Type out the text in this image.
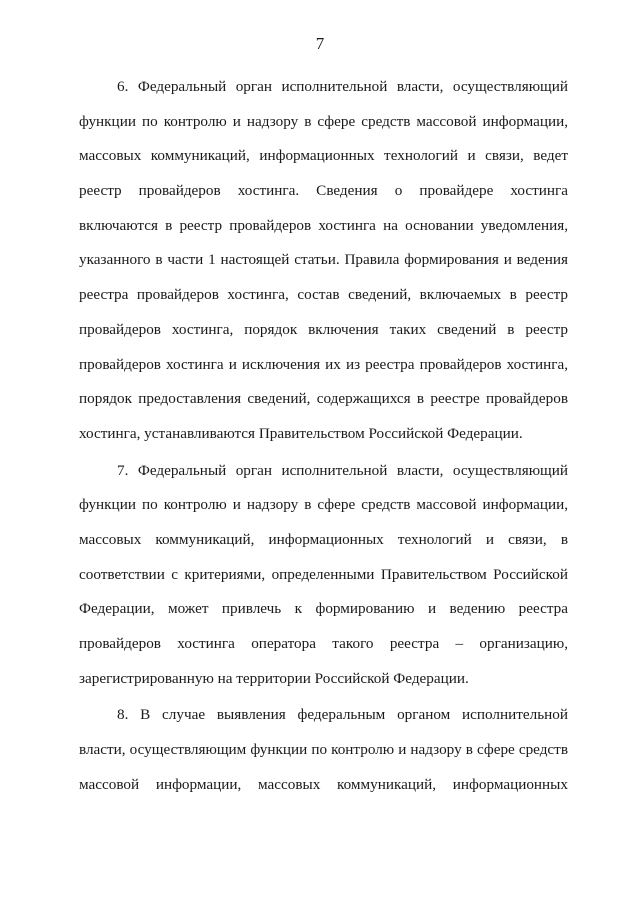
7
6. Федеральный орган исполнительной власти, осуществляющий
функции по контролю и надзору в сфере средств массовой информации,
массовых коммуникаций, информационных технологий и связи, ведет
реестр провайдеров хостинга. Сведения о провайдере хостинга
включаются в реестр провайдеров хостинга на основании уведомления,
указанного в части 1 настоящей статьи. Правила формирования и ведения
реестра провайдеров хостинга, состав сведений, включаемых в реестр
провайдеров хостинга, порядок включения таких сведений в реестр
провайдеров хостинга и исключения их из реестра провайдеров хостинга,
порядок предоставления сведений, содержащихся в реестре провайдеров
хостинга, устанавливаются Правительством Российской Федерации.
7. Федеральный орган исполнительной власти, осуществляющий
функции по контролю и надзору в сфере средств массовой информации,
массовых коммуникаций, информационных технологий и связи, в
соответствии с критериями, определенными Правительством Российской
Федерации, может привлечь к формированию и ведению реестра
провайдеров хостинга оператора такого реестра – организацию,
зарегистрированную на территории Российской Федерации.
8. В случае выявления федеральным органом исполнительной
власти, осуществляющим функции по контролю и надзору в сфере средств
массовой информации, массовых коммуникаций, информационных
